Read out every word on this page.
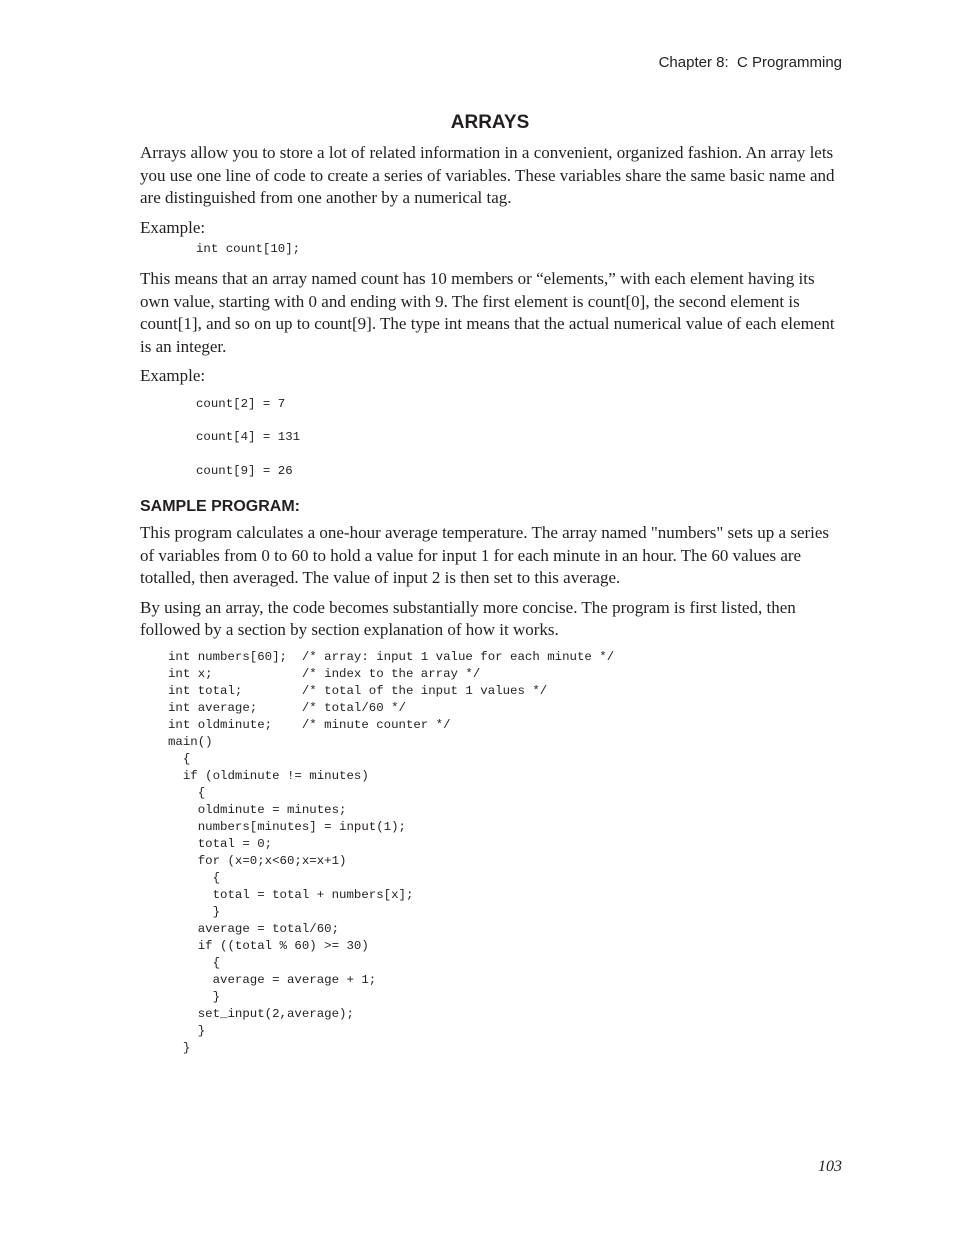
Chapter 8:  C Programming
ARRAYS

Arrays allow you to store a lot of related information in a convenient, organized fashion. An array lets you use one line of code to create a series of variables. These variables share the same basic name and are distinguished from one another by a numerical tag.

Example:
int count[10];

This means that an array named count has 10 members or “elements,” with each element having its own value, starting with 0 and ending with 9. The first element is count[0], the second element is count[1], and so on up to count[9]. The type int means that the actual numerical value of each element is an integer.

Example:
count[2] = 7
count[4] = 131
count[9] = 26
SAMPLE PROGRAM:

This program calculates a one-hour average temperature. The array named "numbers" sets up a series of variables from 0 to 60 to hold a value for input 1 for each minute in an hour. The 60 values are totalled, then averaged. The value of input 2 is then set to this average.

By using an array, the code becomes substantially more concise. The program is first listed, then followed by a section by section explanation of how it works.

int numbers[60];  /* array: input 1 value for each minute */
int x;            /* index to the array */
int total;        /* total of the input 1 values */
int average;      /* total/60 */
int oldminute;    /* minute counter */
main()
{
if (oldminute != minutes)
{
oldminute = minutes;
numbers[minutes] = input(1);
total = 0;
for (x=0;x<60;x=x+1)
{
total = total + numbers[x];
}
average = total/60;
if ((total % 60) >= 30)
{
average = average + 1;
}
set_input(2,average);
}
}
103
